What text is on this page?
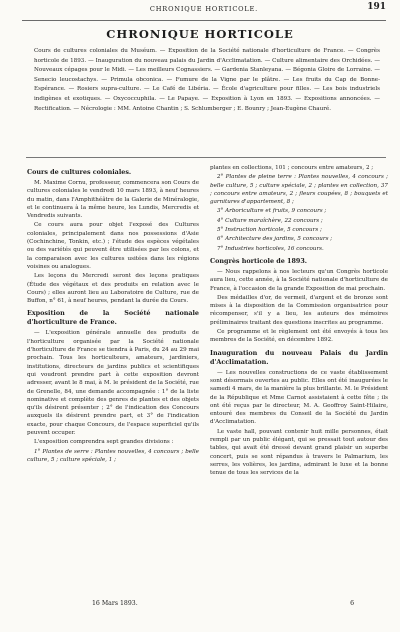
CHRONIQUE HORTICOLE.	191
CHRONIQUE HORTICOLE
Cours de cultures coloniales du Muséum. — Exposition de la Société nationale d'horticulture de France. — Congrès horticole de 1893. — Inauguration du nouveau palais du Jardin d'Acclimatation. — Culture alimentaire des Orchidées. — Nouveaux cépages pour le Midi. — Les meilleurs Cognassiers. — Gardenia Stanleyana. — Bégonia Gloire de Lorraine. — Senecio leucostachys. — Primula obconica. — Fumure de la Vigne par le plâtre. — Les fruits du Cap de Bonne-Espérance. — Rosiers supra-culture. — Le Café de Libéria. — École d'agriculture pour filles. — Les bois industriels indigènes et exotiques. — Oxycoccuphila. — Le Papaye. — Exposition à Lyon en 1893. — Expositions annoncées. — Rectification. — Nécrologie : MM. Antoine Chantin ; S. Schlumberger ; E. Bounry ; Jean-Eugène Chauré.
Cours de cultures coloniales.
M. Maxime Cornu, professeur, commencera son Cours de cultures coloniales le vendredi 10 mars 1893, à neuf heures du matin, dans l'Amphithéâtre de la Galerie de Minéralogie, et le continuera à la même heure, les Lundis, Mercredis et Vendredis suivants.
Ce cours aura pour objet l'exposé des Cultures coloniales, principalement dans nos possessions d'Asie (Cochinchine, Tonkin, etc.) ; l'étude des espèces végétales ou des variétés qui peuvent être utilisées par les colons, et la comparaison avec les cultures usitées dans les régions voisines ou analogues.
Les leçons du Mercredi seront des leçons pratiques (Étude des végétaux et des produits en relation avec le Cours) ; elles auront lieu au Laboratoire de Culture, rue de Buffon, n° 61, à neuf heures, pendant la durée du Cours.
Exposition de la Société nationale d'horticulture de France.
— L'exposition générale annuelle des produits de l'horticulture organisée par la Société nationale d'horticulture de France se tiendra à Paris, du 24 au 29 mai prochain. Tous les horticulteurs, amateurs, jardiniers, institutions, directeurs de jardins publics et scientifiques qui voudront prendre part à cette exposition devront adresser, avant le 8 mai, à M. le président de la Société, rue de Grenelle, 84, une demande accompagnée : 1° de la liste nominative et complète des genres de plantes et des objets qu'ils désirent présenter ; 2° de l'indication des Concours auxquels ils désirent prendre part, et 3° de l'indication exacte, pour chaque Concours, de l'espace superficiel qu'ils peuvent occuper.
L'exposition comprendra sept grandes divisions :
1° Plantes de serre : Plantes nouvelles, 4 concours ; belle culture, 5 ; culture spéciale, 1 ;
plantes en collections, 101 ; concours entre amateurs, 2 ;
2° Plantes de pleine terre : Plantes nouvelles, 4 concours ; belle culture, 5 ; culture spéciale, 2 ; plantes en collection, 37 ; concours entre amateurs, 2 ; fleurs coupées, 8 ; bouquets et garnitures d'appartement, 8 ;
3° Arboriculture et fruits, 9 concours ;
4° Culture maraîchère, 22 concours ;
5° Instruction horticole, 5 concours ;
6° Architecture des jardins, 5 concours ;
7° Industries horticoles, 16 concours.
Congrès horticole de 1893.
— Nous rappelons à nos lecteurs qu'un Congrès horticole aura lieu, cette année, à la Société nationale d'horticulture de France, à l'occasion de la grande Exposition de mai prochain.
Des médailles d'or, de vermeil, d'argent et de bronze sont mises à la disposition de la Commission organisatrice pour récompenser, s'il y a lieu, les auteurs des mémoires préliminaires traitant des questions inscrites au programme.
Ce programme et le règlement ont été envoyés à tous les membres de la Société, en décembre 1892.
Inauguration du nouveau Palais du Jardin d'Acclimatation.
— Les nouvelles constructions de ce vaste établissement sont désormais ouvertes au public. Elles ont été inaugurées le samedi 4 mars, de la manière la plus brillante. M. le Président de la République et Mme Carnot assistaient à cette fête ; ils ont été reçus par le directeur, M. A. Geoffroy Saint-Hilaire, entouré des membres du Conseil de la Société du Jardin d'Acclimatation.
Le vaste hall, pouvant contenir huit mille personnes, était rempli par un public élégant, qui se pressait tout autour des tables, qui avait été dressé devant grand plaisir un superbe concert, puis se sont répandus à travers le Palmarium, les serres, les volières, les jardins, admirant le luxe et la bonne tenue de tous les services de la
16 Mars 1893.	6
